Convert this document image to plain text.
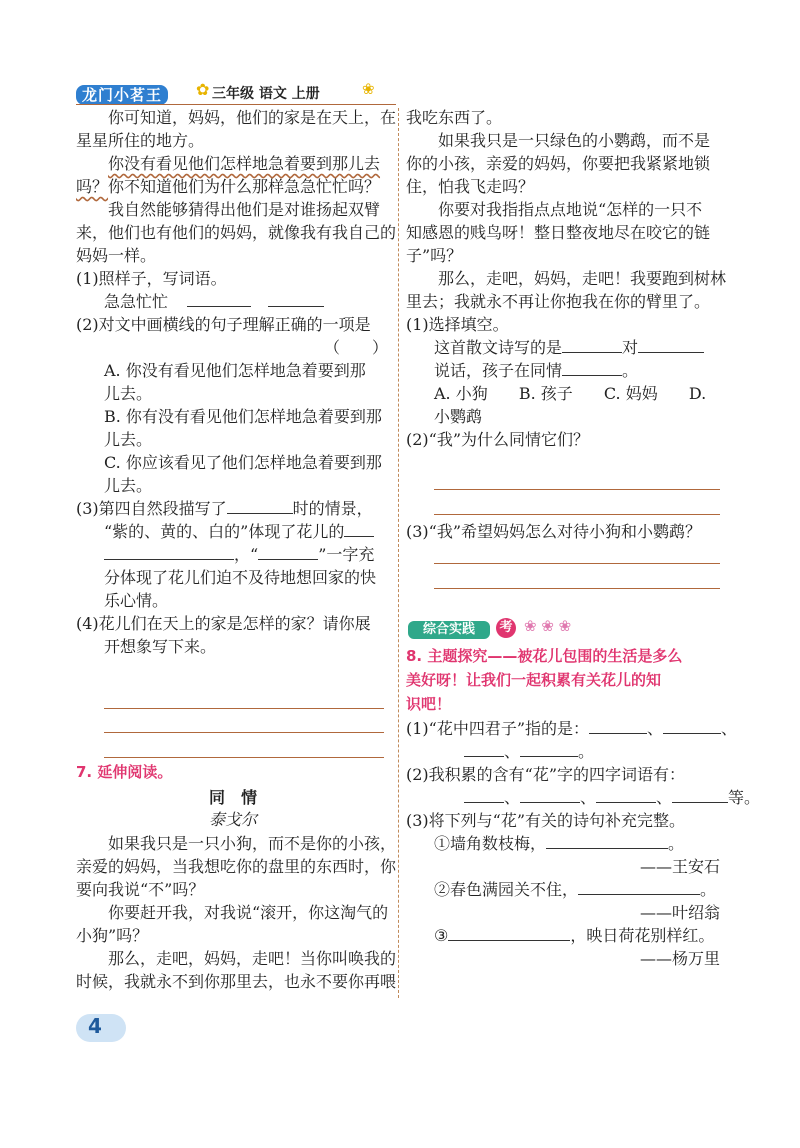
龙门小茗王	✿ 三年级 语文 上册	❀
你可知道，妈妈，他们的家是在天上，在
星星所住的地方。
你没有看见他们怎样地急着要到那儿去
吗？你不知道他们为什么那样急急忙忙吗？
我自然能够猜得出他们是对谁扬起双臂
来，他们也有他们的妈妈，就像我有我自己的
妈妈一样。
(1)照样子，写词语。
急急忙忙
(2)对文中画横线的句子理解正确的一项是
（　　）
A. 你没有看见他们怎样地急着要到那
儿去。
B. 你有没有看见他们怎样地急着要到那
儿去。
C. 你应该看见了他们怎样地急着要到那
儿去。
(3)第四自然段描写了	时的情景，
“紫的、黄的、白的”体现了花儿的
，“	”一字充
分体现了花儿们迫不及待地想回家的快
乐心情。
(4)花儿们在天上的家是怎样的家？请你展
开想象写下来。
7. 延伸阅读。
同　情
泰戈尔
如果我只是一只小狗，而不是你的小孩，
亲爱的妈妈，当我想吃你的盘里的东西时，你
要向我说“不”吗？
你要赶开我，对我说“滚开，你这淘气的
小狗”吗？
那么，走吧，妈妈，走吧！当你叫唤我的
时候，我就永不到你那里去，也永不要你再喂
我吃东西了。
如果我只是一只绿色的小鹦鹉，而不是
你的小孩，亲爱的妈妈，你要把我紧紧地锁
住，怕我飞走吗？
你要对我指指点点地说“怎样的一只不
知感恩的贱鸟呀！整日整夜地尽在咬它的链
子”吗？
那么，走吧，妈妈，走吧！我要跑到树林
里去；我就永不再让你抱我在你的臂里了。
(1)选择填空。
这首散文诗写的是	对
说话，孩子在同情	。
A. 小狗 B. 孩子 C. 妈妈 D.
小鹦鹉
(2)“我”为什么同情它们？
(3)“我”希望妈妈怎么对待小狗和小鹦鹉？
综合实践	考 ❀ ❀ ❀
8. 主题探究——被花儿包围的生活是多么
美好呀！让我们一起积累有关花儿的知
识吧！
(1)“花中四君子”指的是：	、	、
、	。
(2)我积累的含有“花”字的四字词语有：
、	、	、	等。
(3)将下列与“花”有关的诗句补充完整。
①墙角数枝梅，	。
——王安石
②春色满园关不住，	。
——叶绍翁
③	，映日荷花别样红。
——杨万里
4
